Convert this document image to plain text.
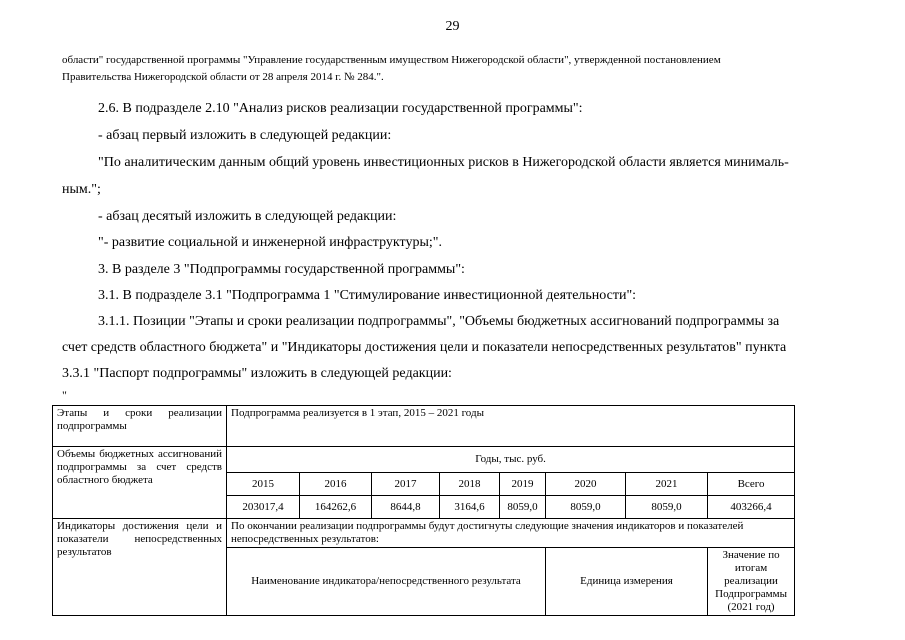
29
области" государственной программы "Управление государственным имуществом Нижегородской области", утвержденной постановлением
Правительства Нижегородской области от 28 апреля 2014 г. № 284.".
2.6. В подразделе 2.10 "Анализ рисков реализации государственной программы":
- абзац первый изложить в следующей редакции:
"По аналитическим данным общий уровень инвестиционных рисков в Нижегородской области является минималь-
ным.";
- абзац десятый изложить в следующей редакции:
"- развитие социальной и инженерной инфраструктуры;".
3. В разделе 3 "Подпрограммы государственной программы":
3.1. В подразделе 3.1 "Подпрограмма 1 "Стимулирование инвестиционной деятельности":
3.1.1. Позиции "Этапы и сроки реализации подпрограммы", "Объемы бюджетных ассигнований подпрограммы за
счет средств областного бюджета" и "Индикаторы достижения цели и показатели непосредственных результатов" пункта
3.3.1 "Паспорт подпрограммы" изложить в следующей редакции:
"
Этапы и сроки реализации подпрограммы	Подпрограмма реализуется в 1 этап, 2015 – 2021 годы							
Объемы бюджетных ассигнований подпрограммы за счет средств областного бюджета	Годы, тыс. руб.							
	2015	2016	2017	2018	2019	2020	2021	Всего
	203017,4	164262,6	8644,8	3164,6	8059,0	8059,0	8059,0	403266,4
Индикаторы достижения цели и показатели непосредственных результатов	По окончании реализации подпрограммы будут достигнуты следующие значения индикаторов и показателей непосредственных результатов:							
	Наименование индикатора/непосредственного результата					Единица измерения		Значение по итогам реализации Подпрограммы (2021 год)
